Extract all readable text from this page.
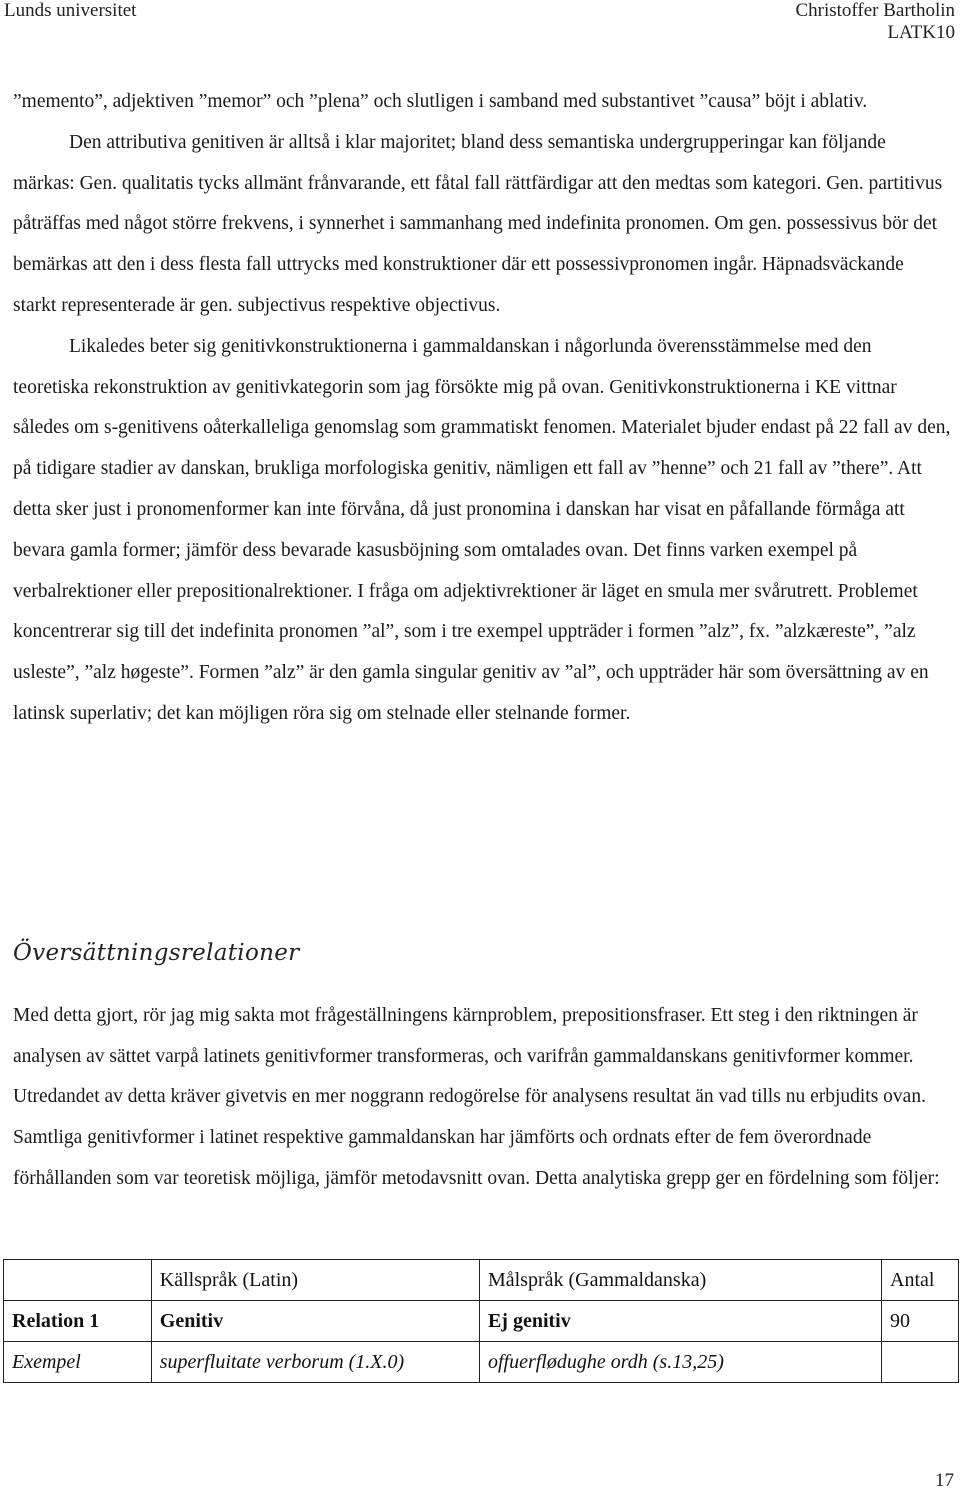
Lunds universitet	Christoffer Bartholin
LATK10

”memento”, adjektiven ”memor” och ”plena” och slutligen i samband med substantivet ”causa” böjt i ablativ.

Den attributiva genitiven är alltså i klar majoritet; bland dess semantiska undergrupperingar kan följande märkas: Gen. qualitatis tycks allmänt frånvarande, ett fåtal fall rättfärdigar att den medtas som kategori. Gen. partitivus påträffas med något större frekvens, i synnerhet i sammanhang med indefinita pronomen. Om gen. possessivus bör det bemärkas att den i dess flesta fall uttrycks med konstruktioner där ett possessivpronomen ingår. Häpnadsväckande starkt representerade är gen. subjectivus respektive objectivus.

Likaledes beter sig genitivkonstruktionerna i gammaldanskan i någorlunda överensstämmelse med den teoretiska rekonstruktion av genitivkategorin som jag försökte mig på ovan. Genitivkonstruktionerna i KE vittnar således om s-genitivens oåterkalleliga genomslag som grammatiskt fenomen. Materialet bjuder endast på 22 fall av den, på tidigare stadier av danskan, brukliga morfologiska genitiv, nämligen ett fall av ”henne” och 21 fall av ”there”. Att detta sker just i pronomenformer kan inte förvåna, då just pronomina i danskan har visat en påfallande förmåga att bevara gamla former; jämför dess bevarade kasusböjning som omtalades ovan. Det finns varken exempel på verbalrektioner eller prepositionalrektioner. I fråga om adjektivrektioner är läget en smula mer svårutrett. Problemet koncentrerar sig till det indefinita pronomen ”al”, som i tre exempel uppträder i formen ”alz”, fx. ”alzkæreste”, ”alz usleste”, ”alz høgeste”. Formen ”alz” är den gamla singular genitiv av ”al”, och uppträder här som översättning av en latinsk superlativ; det kan möjligen röra sig om stelnade eller stelnande former.

Översättningsrelationer

Med detta gjort, rör jag mig sakta mot frågeställningens kärnproblem, prepositionsfraser. Ett steg i den riktningen är analysen av sättet varpå latinets genitivformer transformeras, och varifrån gammaldanskans genitivformer kommer. Utredandet av detta kräver givetvis en mer noggrann redogörelse för analysens resultat än vad tills nu erbjudits ovan. Samtliga genitivformer i latinet respektive gammaldanskan har jämförts och ordnats efter de fem överordnade förhållanden som var teoretisk möjliga, jämför metodavsnitt ovan. Detta analytiska grepp ger en fördelning som följer:

	Källspråk (Latin)	Målspråk (Gammaldanska)	Antal
Relation 1	Genitiv	Ej genitiv	90
Exempel	superfluitate verborum (1.X.0)	offuerflødughe ordh (s.13,25)	
17
